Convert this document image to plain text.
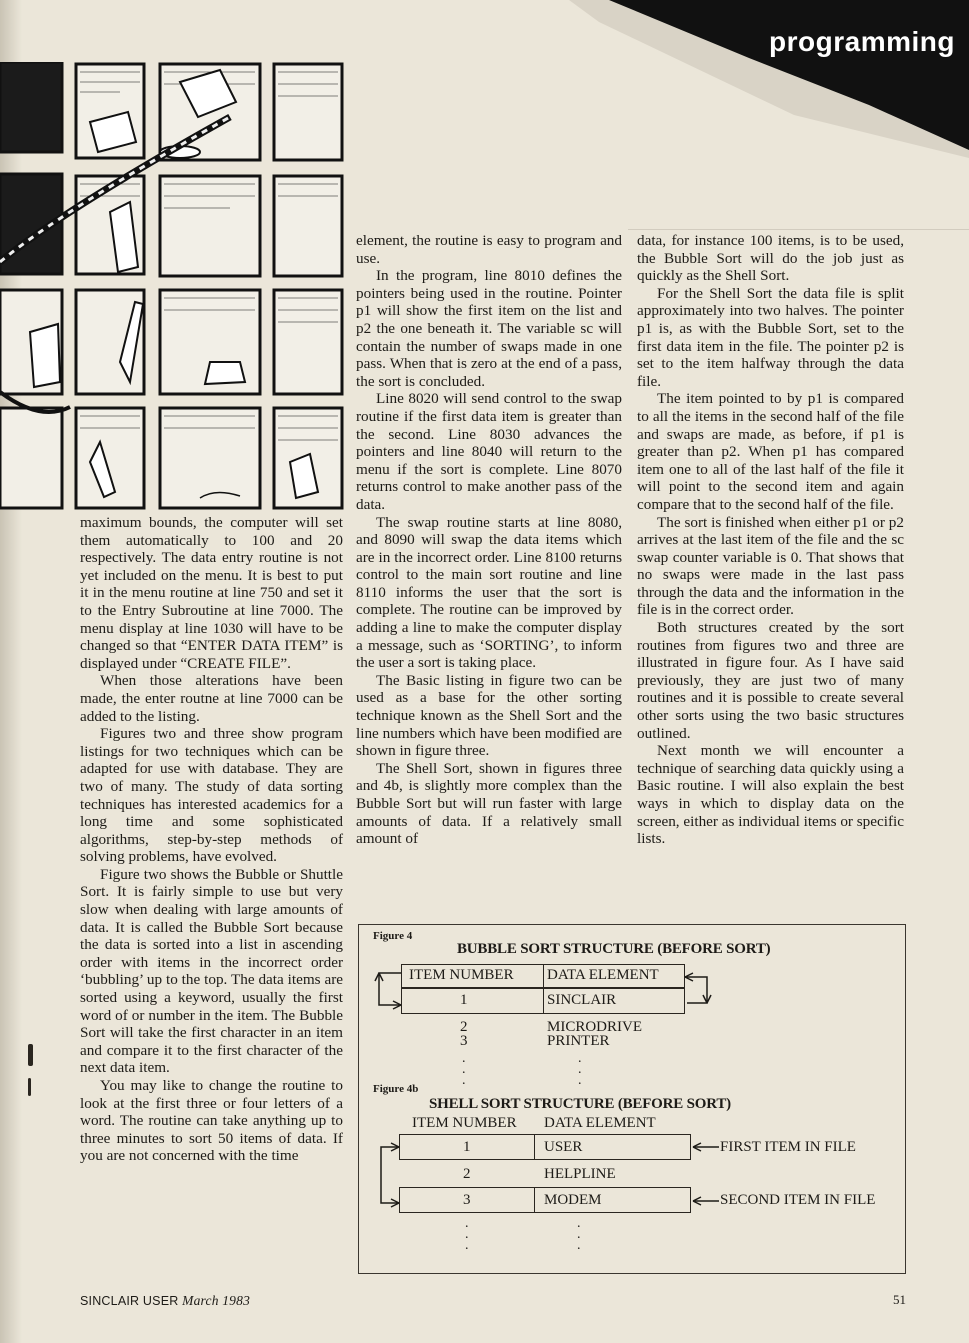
programming

maximum bounds, the computer will set them automatically to 100 and 20 respectively. The data entry routine is not yet included on the menu. It is best to put it in the menu routine at line 750 and set it to the Entry Subroutine at line 7000. The menu display at line 1030 will have to be changed so that “ENTER DATA ITEM” is displayed under “CREATE FILE”.

When those alterations have been made, the enter routne at line 7000 can be added to the listing.

Figures two and three show program listings for two techniques which can be adapted for use with database. They are two of many. The study of data sorting techniques has interested academics for a long time and some sophisticated algorithms, step-by-step methods of solving problems, have evolved.

Figure two shows the Bubble or Shuttle Sort. It is fairly simple to use but very slow when dealing with large amounts of data. It is called the Bubble Sort because the data is sorted into a list in ascending order with items in the incorrect order ‘bubbling’ up to the top. The data items are sorted using a keyword, usually the first word of or number in the item. The Bubble Sort will take the first character in an item and compare it to the first character of the next data item.

You may like to change the routine to look at the first three or four letters of a word. The routine can take anything up to three minutes to sort 50 items of data. If you are not concerned with the time

element, the routine is easy to program and use.

In the program, line 8010 defines the pointers being used in the routine. Pointer p1 will show the first item on the list and p2 the one beneath it. The variable sc will contain the number of swaps made in one pass. When that is zero at the end of a pass, the sort is concluded.

Line 8020 will send control to the swap routine if the first data item is greater than the second. Line 8030 advances the pointers and line 8040 will return to the menu if the sort is complete. Line 8070 returns control to make another pass of the data.

The swap routine starts at line 8080, and 8090 will swap the data items which are in the incorrect order. Line 8100 returns control to the main sort routine and line 8110 informs the user that the sort is complete. The routine can be improved by adding a line to make the computer display a message, such as ‘SORTING’, to inform the user a sort is taking place.

The Basic listing in figure two can be used as a base for the other sorting technique known as the Shell Sort and the line numbers which have been modified are shown in figure three.

The Shell Sort, shown in figures three and 4b, is slightly more complex than the Bubble Sort but will run faster with large amounts of data. If a relatively small amount of

data, for instance 100 items, is to be used, the Bubble Sort will do the job just as quickly as the Shell Sort.

For the Shell Sort the data file is split approximately into two halves. The pointer p1 is, as with the Bubble Sort, set to the first data item in the file. The pointer p2 is set to the item halfway through the data file.

The item pointed to by p1 is compared to all the items in the second half of the file and swaps are made, as before, if p1 is greater than p2. When p1 has compared item one to all of the last half of the file it will point to the second item and again compare that to the second half of the file.

The sort is finished when either p1 or p2 arrives at the last item of the file and the sc swap counter variable is 0. That shows that no swaps were made in the last pass through the data and the information in the file is in the correct order.

Both structures created by the sort routines from figures two and three are illustrated in figure four. As I have said previously, they are just two of many routines and it is possible to create several other sorts using the two basic structures outlined.

Next month we will encounter a technique of searching data quickly using a Basic routine. I will also explain the best ways in which to display data on the screen, either as individual items or specific lists.

Figure 4
BUBBLE SORT STRUCTURE (BEFORE SORT)
ITEM NUMBER DATA ELEMENT
1	SINCLAIR
2	MICRODRIVE
3	PRINTER
.
.
.
.
.
.
Figure 4b
SHELL SORT STRUCTURE (BEFORE SORT)
ITEM NUMBER DATA ELEMENT
1	USER
2	HELPLINE
3	MODEM
.
.
.
.
.
.
FIRST ITEM IN FILE
SECOND ITEM IN FILE
SINCLAIR USER March 1983	51
